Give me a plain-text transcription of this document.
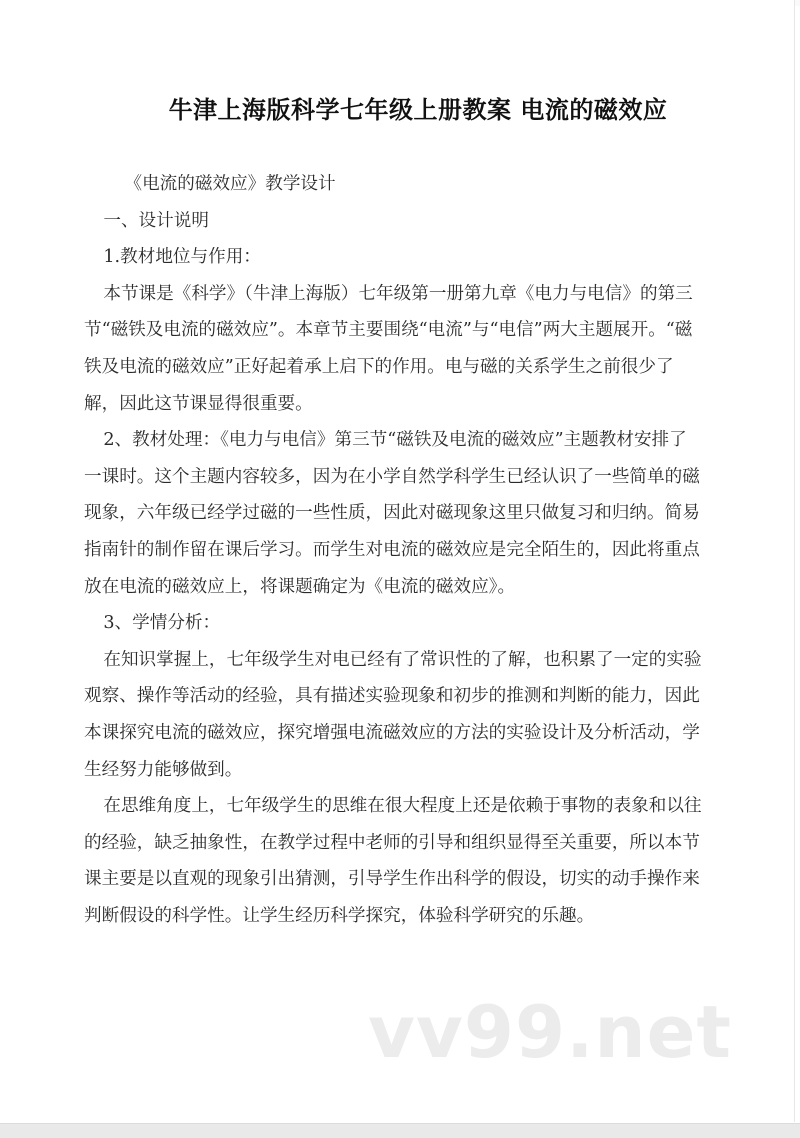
牛津上海版科学七年级上册教案 电流的磁效应

《电流的磁效应》教学设计

一、设计说明

1.教材地位与作用：

本节课是《科学》（牛津上海版）七年级第一册第九章《电力与电信》的第三节“磁铁及电流的磁效应”。本章节主要围绕“电流”与“电信”两大主题展开。“磁铁及电流的磁效应”正好起着承上启下的作用。电与磁的关系学生之前很少了解，因此这节课显得很重要。

2、教材处理：《电力与电信》第三节“磁铁及电流的磁效应”主题教材安排了一课时。这个主题内容较多，因为在小学自然学科学生已经认识了一些简单的磁现象，六年级已经学过磁的一些性质，因此对磁现象这里只做复习和归纳。简易指南针的制作留在课后学习。而学生对电流的磁效应是完全陌生的，因此将重点放在电流的磁效应上，将课题确定为《电流的磁效应》。

3、学情分析：

在知识掌握上，七年级学生对电已经有了常识性的了解，也积累了一定的实验观察、操作等活动的经验，具有描述实验现象和初步的推测和判断的能力，因此本课探究电流的磁效应，探究增强电流磁效应的方法的实验设计及分析活动，学生经努力能够做到。

在思维角度上，七年级学生的思维在很大程度上还是依赖于事物的表象和以往的经验，缺乏抽象性，在教学过程中老师的引导和组织显得至关重要，所以本节课主要是以直观的现象引出猜测，引导学生作出科学的假设，切实的动手操作来判断假设的科学性。让学生经历科学探究，体验科学研究的乐趣。

vv99.net
